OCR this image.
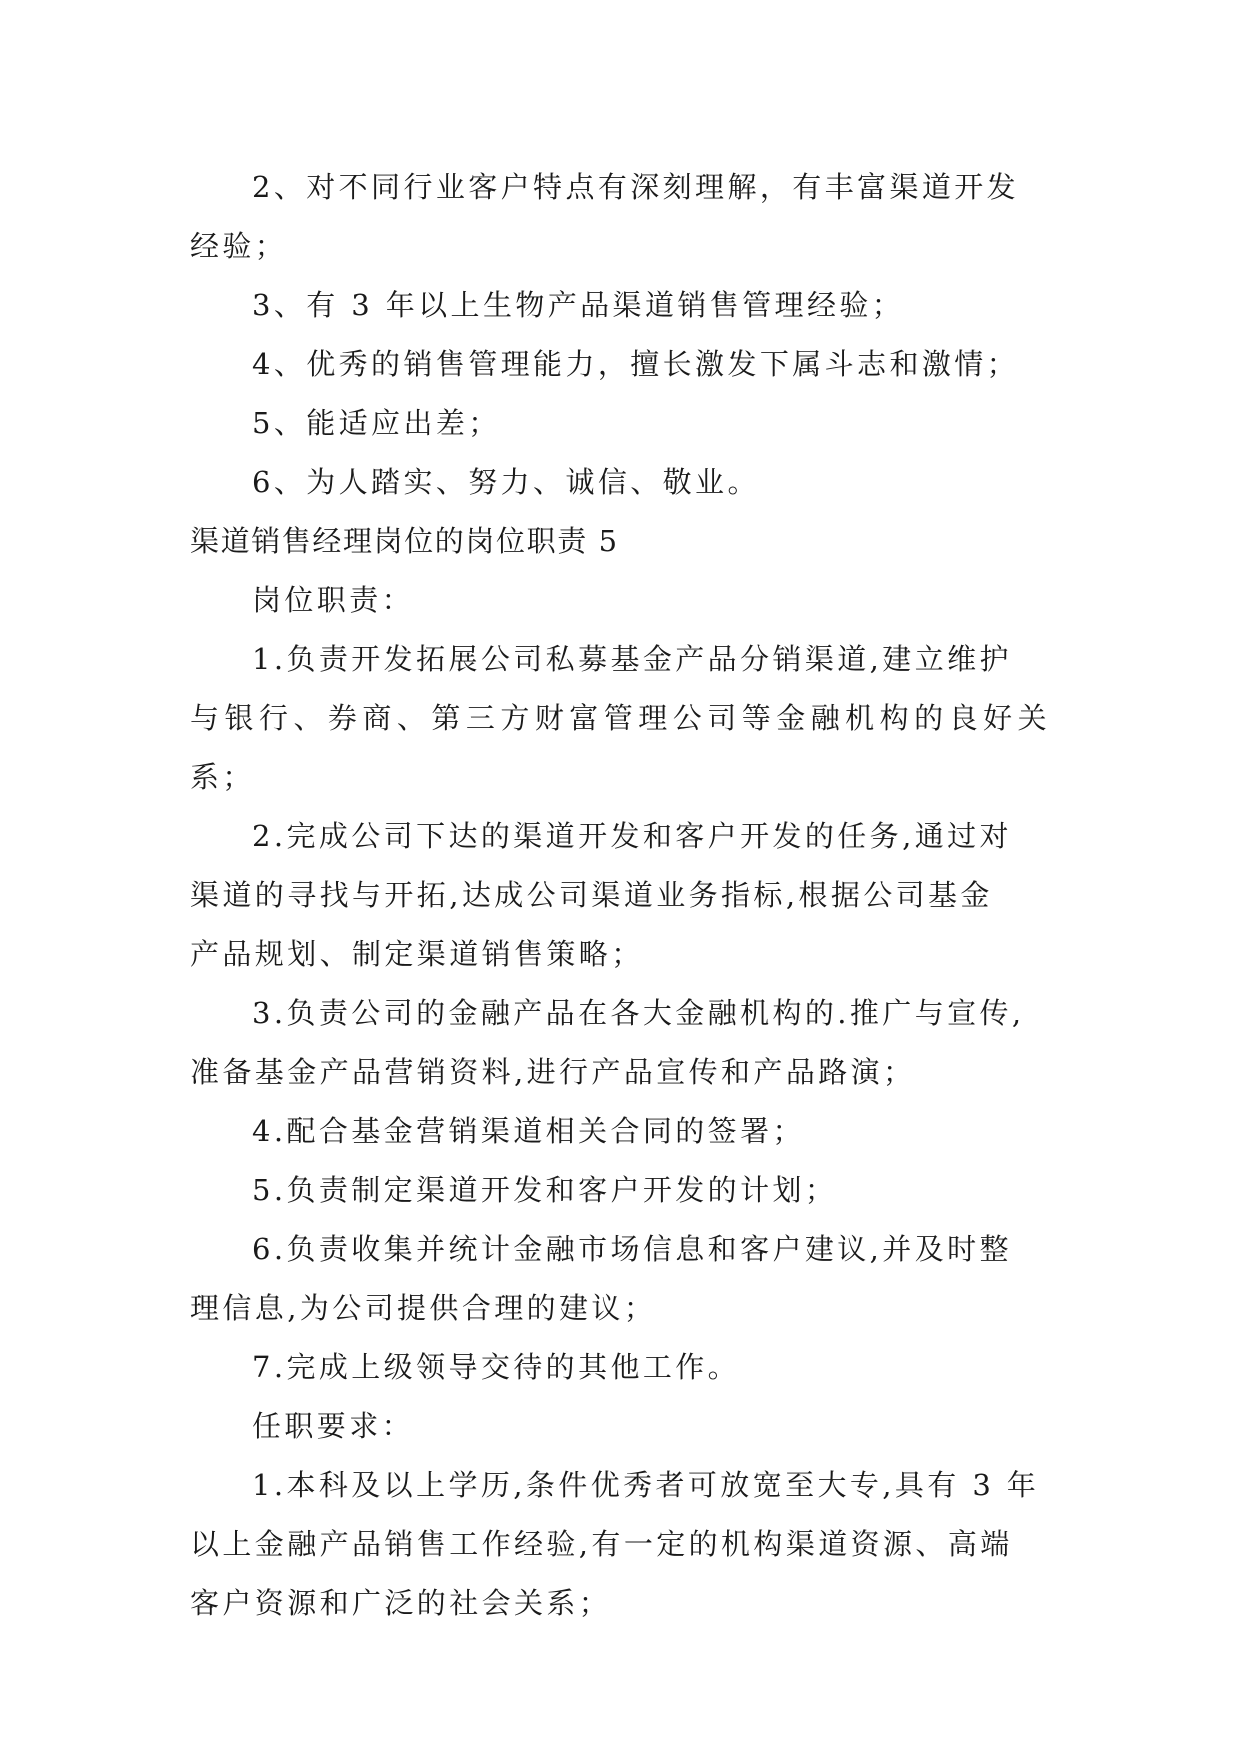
2、对不同行业客户特点有深刻理解，有丰富渠道开发
经验；

3、有 3 年以上生物产品渠道销售管理经验；

4、优秀的销售管理能力，擅长激发下属斗志和激情；

5、能适应出差；

6、为人踏实、努力、诚信、敬业。

渠道销售经理岗位的岗位职责 5

岗位职责：

1.负责开发拓展公司私募基金产品分销渠道,建立维护
与银行、券商、第三方财富管理公司等金融机构的良好关系；

2.完成公司下达的渠道开发和客户开发的任务,通过对
渠道的寻找与开拓,达成公司渠道业务指标,根据公司基金
产品规划、制定渠道销售策略；

3.负责公司的金融产品在各大金融机构的.推广与宣传,
准备基金产品营销资料,进行产品宣传和产品路演；

4.配合基金营销渠道相关合同的签署；

5.负责制定渠道开发和客户开发的计划；

6.负责收集并统计金融市场信息和客户建议,并及时整
理信息,为公司提供合理的建议；

7.完成上级领导交待的其他工作。

任职要求：

1.本科及以上学历,条件优秀者可放宽至大专,具有 3 年
以上金融产品销售工作经验,有一定的机构渠道资源、高端
客户资源和广泛的社会关系；
